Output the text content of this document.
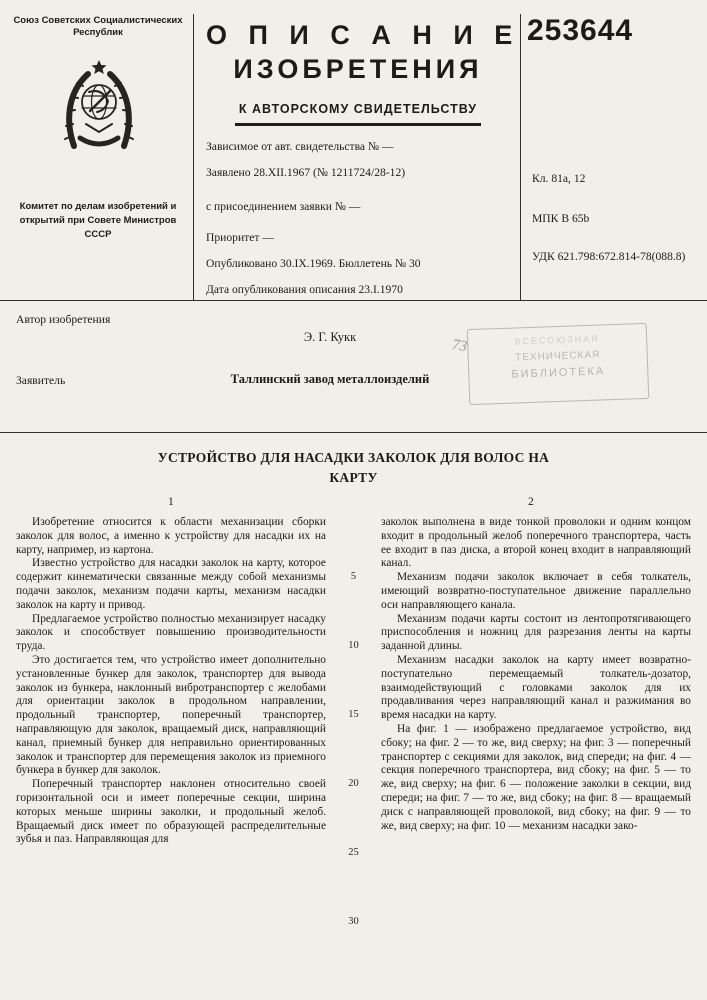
Союз Советских Социалистических Республик
Комитет по делам изобретений и открытий при Совете Министров СССР
О П И С А Н И Е
ИЗОБРЕТЕНИЯ
К АВТОРСКОМУ СВИДЕТЕЛЬСТВУ
Зависимое от авт. свидетельства № —
Заявлено 28.XII.1967 (№ 1211724/28-12)
с присоединением заявки № —
Приоритет —
Опубликовано 30.IX.1969. Бюллетень № 30
Дата опубликования описания 23.I.1970
253644
Кл. 81а, 12
МПК В 65b
УДК 621.798:672.814-78(088.8)
Автор изобретения
Э. Г. Кукк
Заявитель	Таллинский завод металлоизделий
ВСЕСОЮЗНАЯ
ТЕХНИЧЕСКАЯ
БИБЛИОТЕКА
73
УСТРОЙСТВО ДЛЯ НАСАДКИ ЗАКОЛОК ДЛЯ ВОЛОС НА КАРТУ
1	2

Изобретение относится к области механизации сборки заколок для волос, а именно к устройству для насадки их на карту, например, из картона.

Известно устройство для насадки заколок на карту, которое содержит кинематически связанные между собой механизмы подачи заколок, механизм подачи карты, механизм насадки заколок на карту и привод.

Предлагаемое устройство полностью механизирует насадку заколок и способствует повышению производительности труда.

Это достигается тем, что устройство имеет дополнительно установленные бункер для заколок, транспортер для вывода заколок из бункера, наклонный вибротранспортер с желобами для ориентации заколок в продольном направлении, продольный транспортер, поперечный транспортер, направляющую для заколок, вращаемый диск, направляющий канал, приемный бункер для неправильно ориентированных заколок и транспортер для перемещения заколок из приемного бункера в бункер для заколок.

Поперечный транспортер наклонен относительно своей горизонтальной оси и имеет поперечные секции, ширина которых меньше ширины заколки, и продольный желоб. Вращаемый диск имеет по образующей распределительные зубья и паз. Направляющая для

5
10
15
20
25
30

заколок выполнена в виде тонкой проволоки и одним концом входит в продольный желоб поперечного транспортера, часть ее входит в паз диска, а второй конец входит в направляющий канал.

Механизм подачи заколок включает в себя толкатель, имеющий возвратно-поступательное движение параллельно оси направляющего канала.

Механизм подачи карты состоит из лентопротягивающего приспособления и ножниц для разрезания ленты на карты заданной длины.

Механизм насадки заколок на карту имеет возвратно-поступательно перемещаемый толкатель-дозатор, взаимодействующий с головками заколок для их продавливания через направляющий канал и разжимания во время насадки на карту.

На фиг. 1 — изображено предлагаемое устройство, вид сбоку; на фиг. 2 — то же, вид сверху; на фиг. 3 — поперечный транспортер с секциями для заколок, вид спереди; на фиг. 4 — секция поперечного транспортера, вид сбоку; на фиг. 5 — то же, вид сверху; на фиг. 6 — положение заколки в секции, вид спереди; на фиг. 7 — то же, вид сбоку; на фиг. 8 — вращаемый диск с направляющей проволокой, вид сбоку; на фиг. 9 — то же, вид сверху; на фиг. 10 — механизм насадки зако-
